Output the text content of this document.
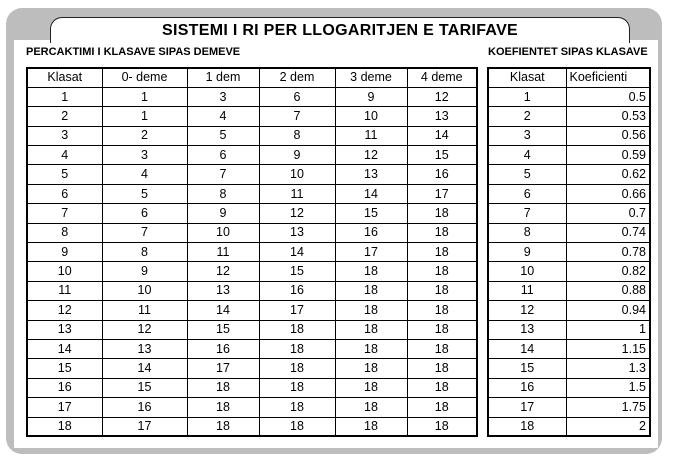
SISTEMI I RI PER LLOGARITJEN E TARIFAVE
PERCAKTIMI I KLASAVE SIPAS DEMEVE	KOEFIENTET SIPAS KLASAVE
Klasat	0- deme	1 dem	2 dem	3 deme	4 deme
1	1	3	6	9	12
2	1	4	7	10	13
3	2	5	8	11	14
4	3	6	9	12	15
5	4	7	10	13	16
6	5	8	11	14	17
7	6	9	12	15	18
8	7	10	13	16	18
9	8	11	14	17	18
10	9	12	15	18	18
11	10	13	16	18	18
12	11	14	17	18	18
13	12	15	18	18	18
14	13	16	18	18	18
15	14	17	18	18	18
16	15	18	18	18	18
17	16	18	18	18	18
18	17	18	18	18	18
Klasat	Koeficienti
1	0.5
2	0.53
3	0.56
4	0.59
5	0.62
6	0.66
7	0.7
8	0.74
9	0.78
10	0.82
11	0.88
12	0.94
13	1
14	1.15
15	1.3
16	1.5
17	1.75
18	2
